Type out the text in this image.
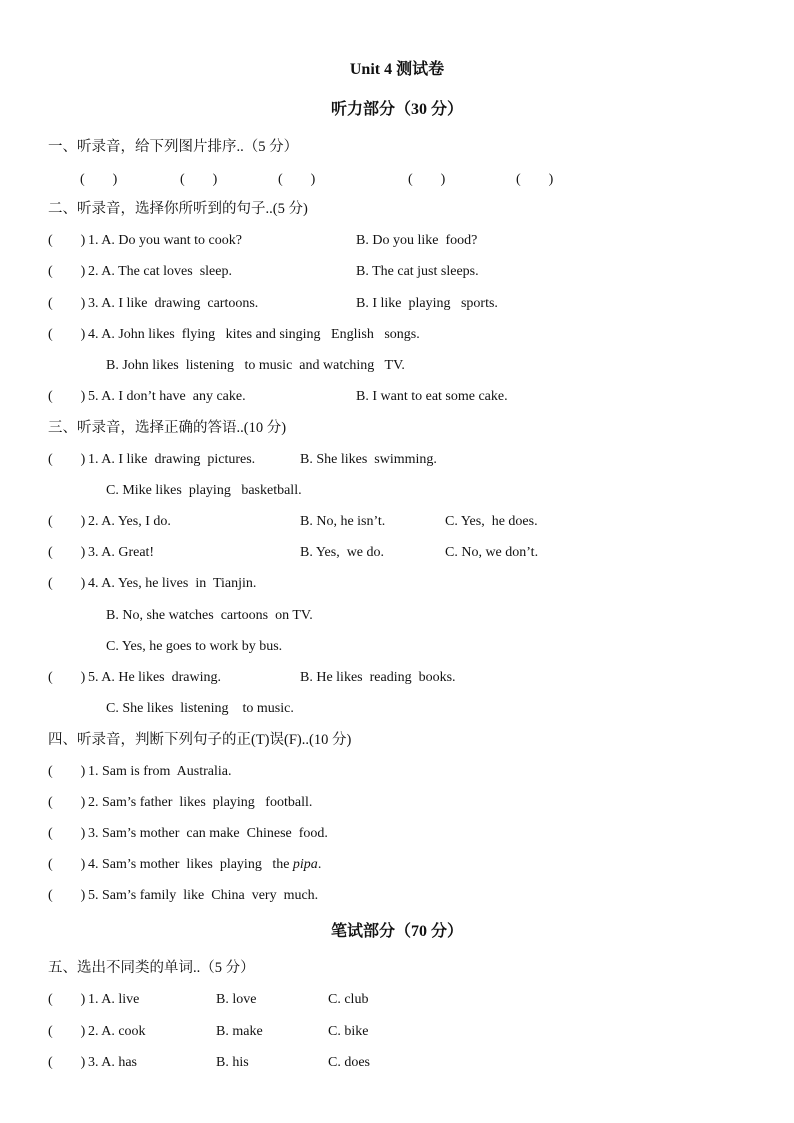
Unit 4 测试卷
听力部分（30 分）
一、听录音，给下列图片排序..（5 分）
(　　)	(　　)	(　　)	(　　)	(　　)
二、听录音，选择你所听到的句子..(5 分)
(　　) 1. A. Do you want to cook?	B. Do you like  food?
(　　) 2. A. The cat loves  sleep.	B. The cat just sleeps.
(　　) 3. A. I like  drawing  cartoons.	B. I like  playing   sports.
(　　) 4. A. John likes  flying   kites and singing   English   songs.
B. John likes  listening   to music  and watching   TV.
(　　) 5. A. I don’t have  any cake.	B. I want to eat some cake.
三、听录音，选择正确的答语..(10 分)
(　　) 1. A. I like  drawing  pictures.	B. She likes  swimming.
C. Mike likes  playing   basketball.
(　　) 2. A. Yes, I do.	B. No, he isn’t.	C. Yes,  he does.
(　　) 3. A. Great!	B. Yes,  we do.	C. No, we don’t.
(　　) 4. A. Yes, he lives  in  Tianjin.
B. No, she watches  cartoons  on TV.
C. Yes, he goes to work by bus.
(　　) 5. A. He likes  drawing.	B. He likes  reading  books.
C. She likes  listening    to music.
四、听录音，判断下列句子的正(T)误(F)..(10 分)
(　　) 1. Sam is from  Australia.
(　　) 2. Sam’s father  likes  playing   football.
(　　) 3. Sam’s mother  can make  Chinese  food.
(　　) 4. Sam’s mother  likes  playing   the pipa.
(　　) 5. Sam’s family  like  China  very  much.
笔试部分（70 分）
五、选出不同类的单词..（5 分）
(　　) 1. A. live	B. love	C. club
(　　) 2. A. cook	B. make	C. bike
(　　) 3. A. has	B. his	C. does
